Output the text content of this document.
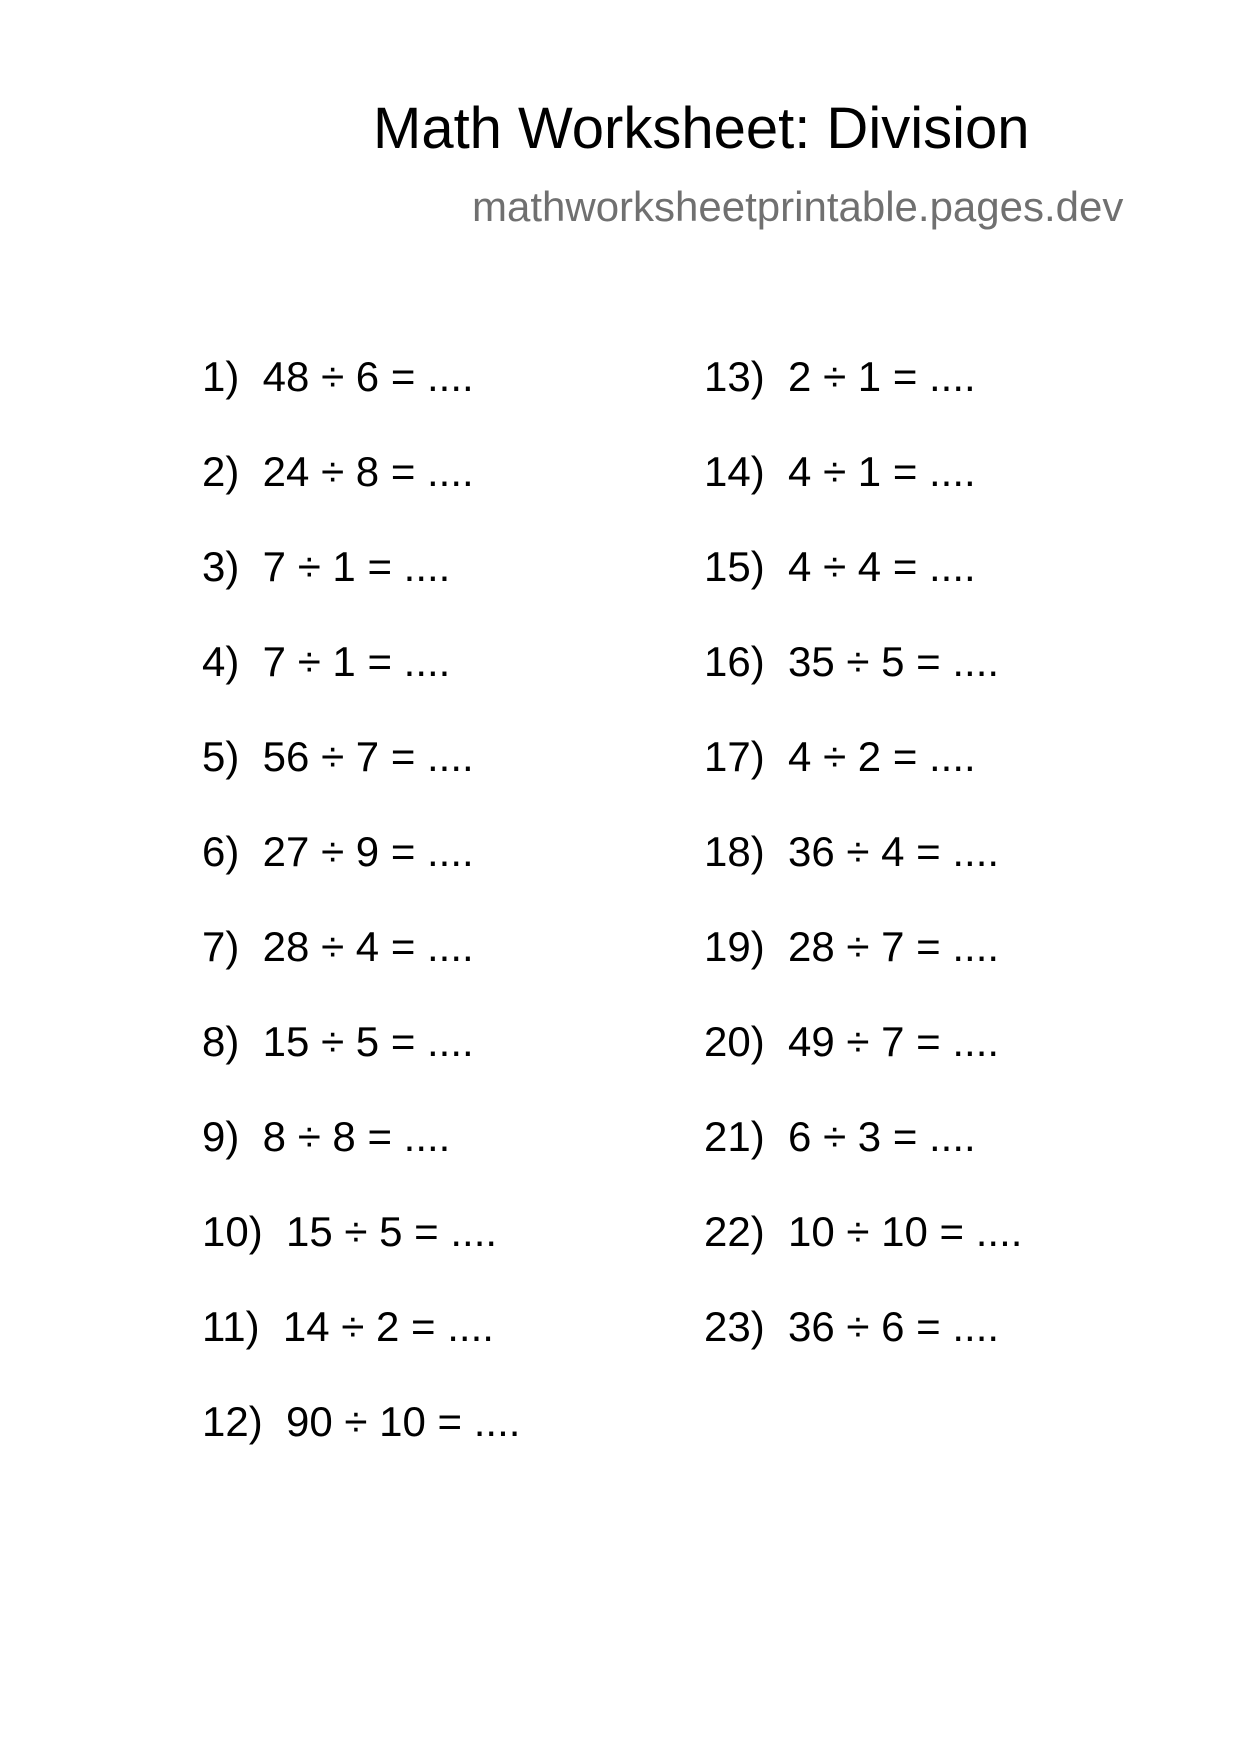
Math Worksheet: Division
mathworksheetprintable.pages.dev
1)  48 ÷ 6 = ....
2)  24 ÷ 8 = ....
3)  7 ÷ 1 = ....
4)  7 ÷ 1 = ....
5)  56 ÷ 7 = ....
6)  27 ÷ 9 = ....
7)  28 ÷ 4 = ....
8)  15 ÷ 5 = ....
9)  8 ÷ 8 = ....
10)  15 ÷ 5 = ....
11)  14 ÷ 2 = ....
12)  90 ÷ 10 = ....
13)  2 ÷ 1 = ....
14)  4 ÷ 1 = ....
15)  4 ÷ 4 = ....
16)  35 ÷ 5 = ....
17)  4 ÷ 2 = ....
18)  36 ÷ 4 = ....
19)  28 ÷ 7 = ....
20)  49 ÷ 7 = ....
21)  6 ÷ 3 = ....
22)  10 ÷ 10 = ....
23)  36 ÷ 6 = ....
